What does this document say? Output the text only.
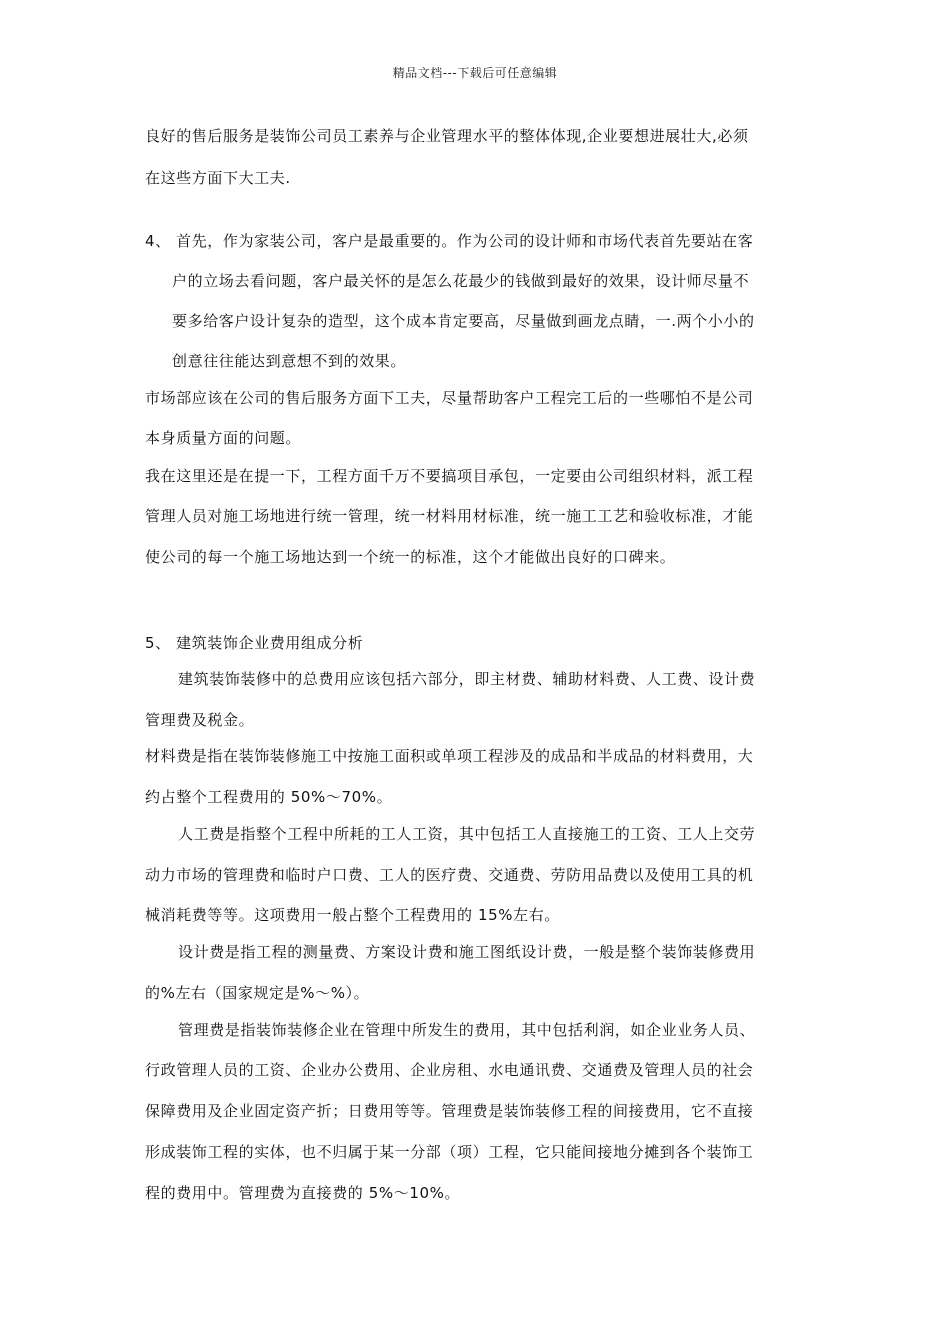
精品文档---下载后可任意编辑
良好的售后服务是装饰公司员工素养与企业管理水平的整体体现,企业要想进展壮大,必须
在这些方面下大工夫.
4、 首先，作为家装公司，客户是最重要的。作为公司的设计师和市场代表首先要站在客
户的立场去看问题，客户最关怀的是怎么花最少的钱做到最好的效果，设计师尽量不
要多给客户设计复杂的造型，这个成本肯定要高，尽量做到画龙点睛，一.两个小小的
创意往往能达到意想不到的效果。
市场部应该在公司的售后服务方面下工夫，尽量帮助客户工程完工后的一些哪怕不是公司
本身质量方面的问题。
我在这里还是在提一下，工程方面千万不要搞项目承包，一定要由公司组织材料，派工程
管理人员对施工场地进行统一管理，统一材料用材标准，统一施工工艺和验收标准，才能
使公司的每一个施工场地达到一个统一的标准，这个才能做出良好的口碑来。
5、 建筑装饰企业费用组成分析
建筑装饰装修中的总费用应该包括六部分，即主材费、辅助材料费、人工费、设计费
管理费及税金。
材料费是指在装饰装修施工中按施工面积或单项工程涉及的成品和半成品的材料费用，大
约占整个工程费用的 50%～70%。
人工费是指整个工程中所耗的工人工资，其中包括工人直接施工的工资、工人上交劳
动力市场的管理费和临时户口费、工人的医疗费、交通费、劳防用品费以及使用工具的机
械消耗费等等。这项费用一般占整个工程费用的 15%左右。
设计费是指工程的测量费、方案设计费和施工图纸设计费，一般是整个装饰装修费用
的%左右（国家规定是%～%）。
管理费是指装饰装修企业在管理中所发生的费用，其中包括利润，如企业业务人员、
行政管理人员的工资、企业办公费用、企业房租、水电通讯费、交通费及管理人员的社会
保障费用及企业固定资产折；日费用等等。管理费是装饰装修工程的间接费用，它不直接
形成装饰工程的实体，也不归属于某一分部（项）工程，它只能间接地分摊到各个装饰工
程的费用中。管理费为直接费的 5%～10%。
